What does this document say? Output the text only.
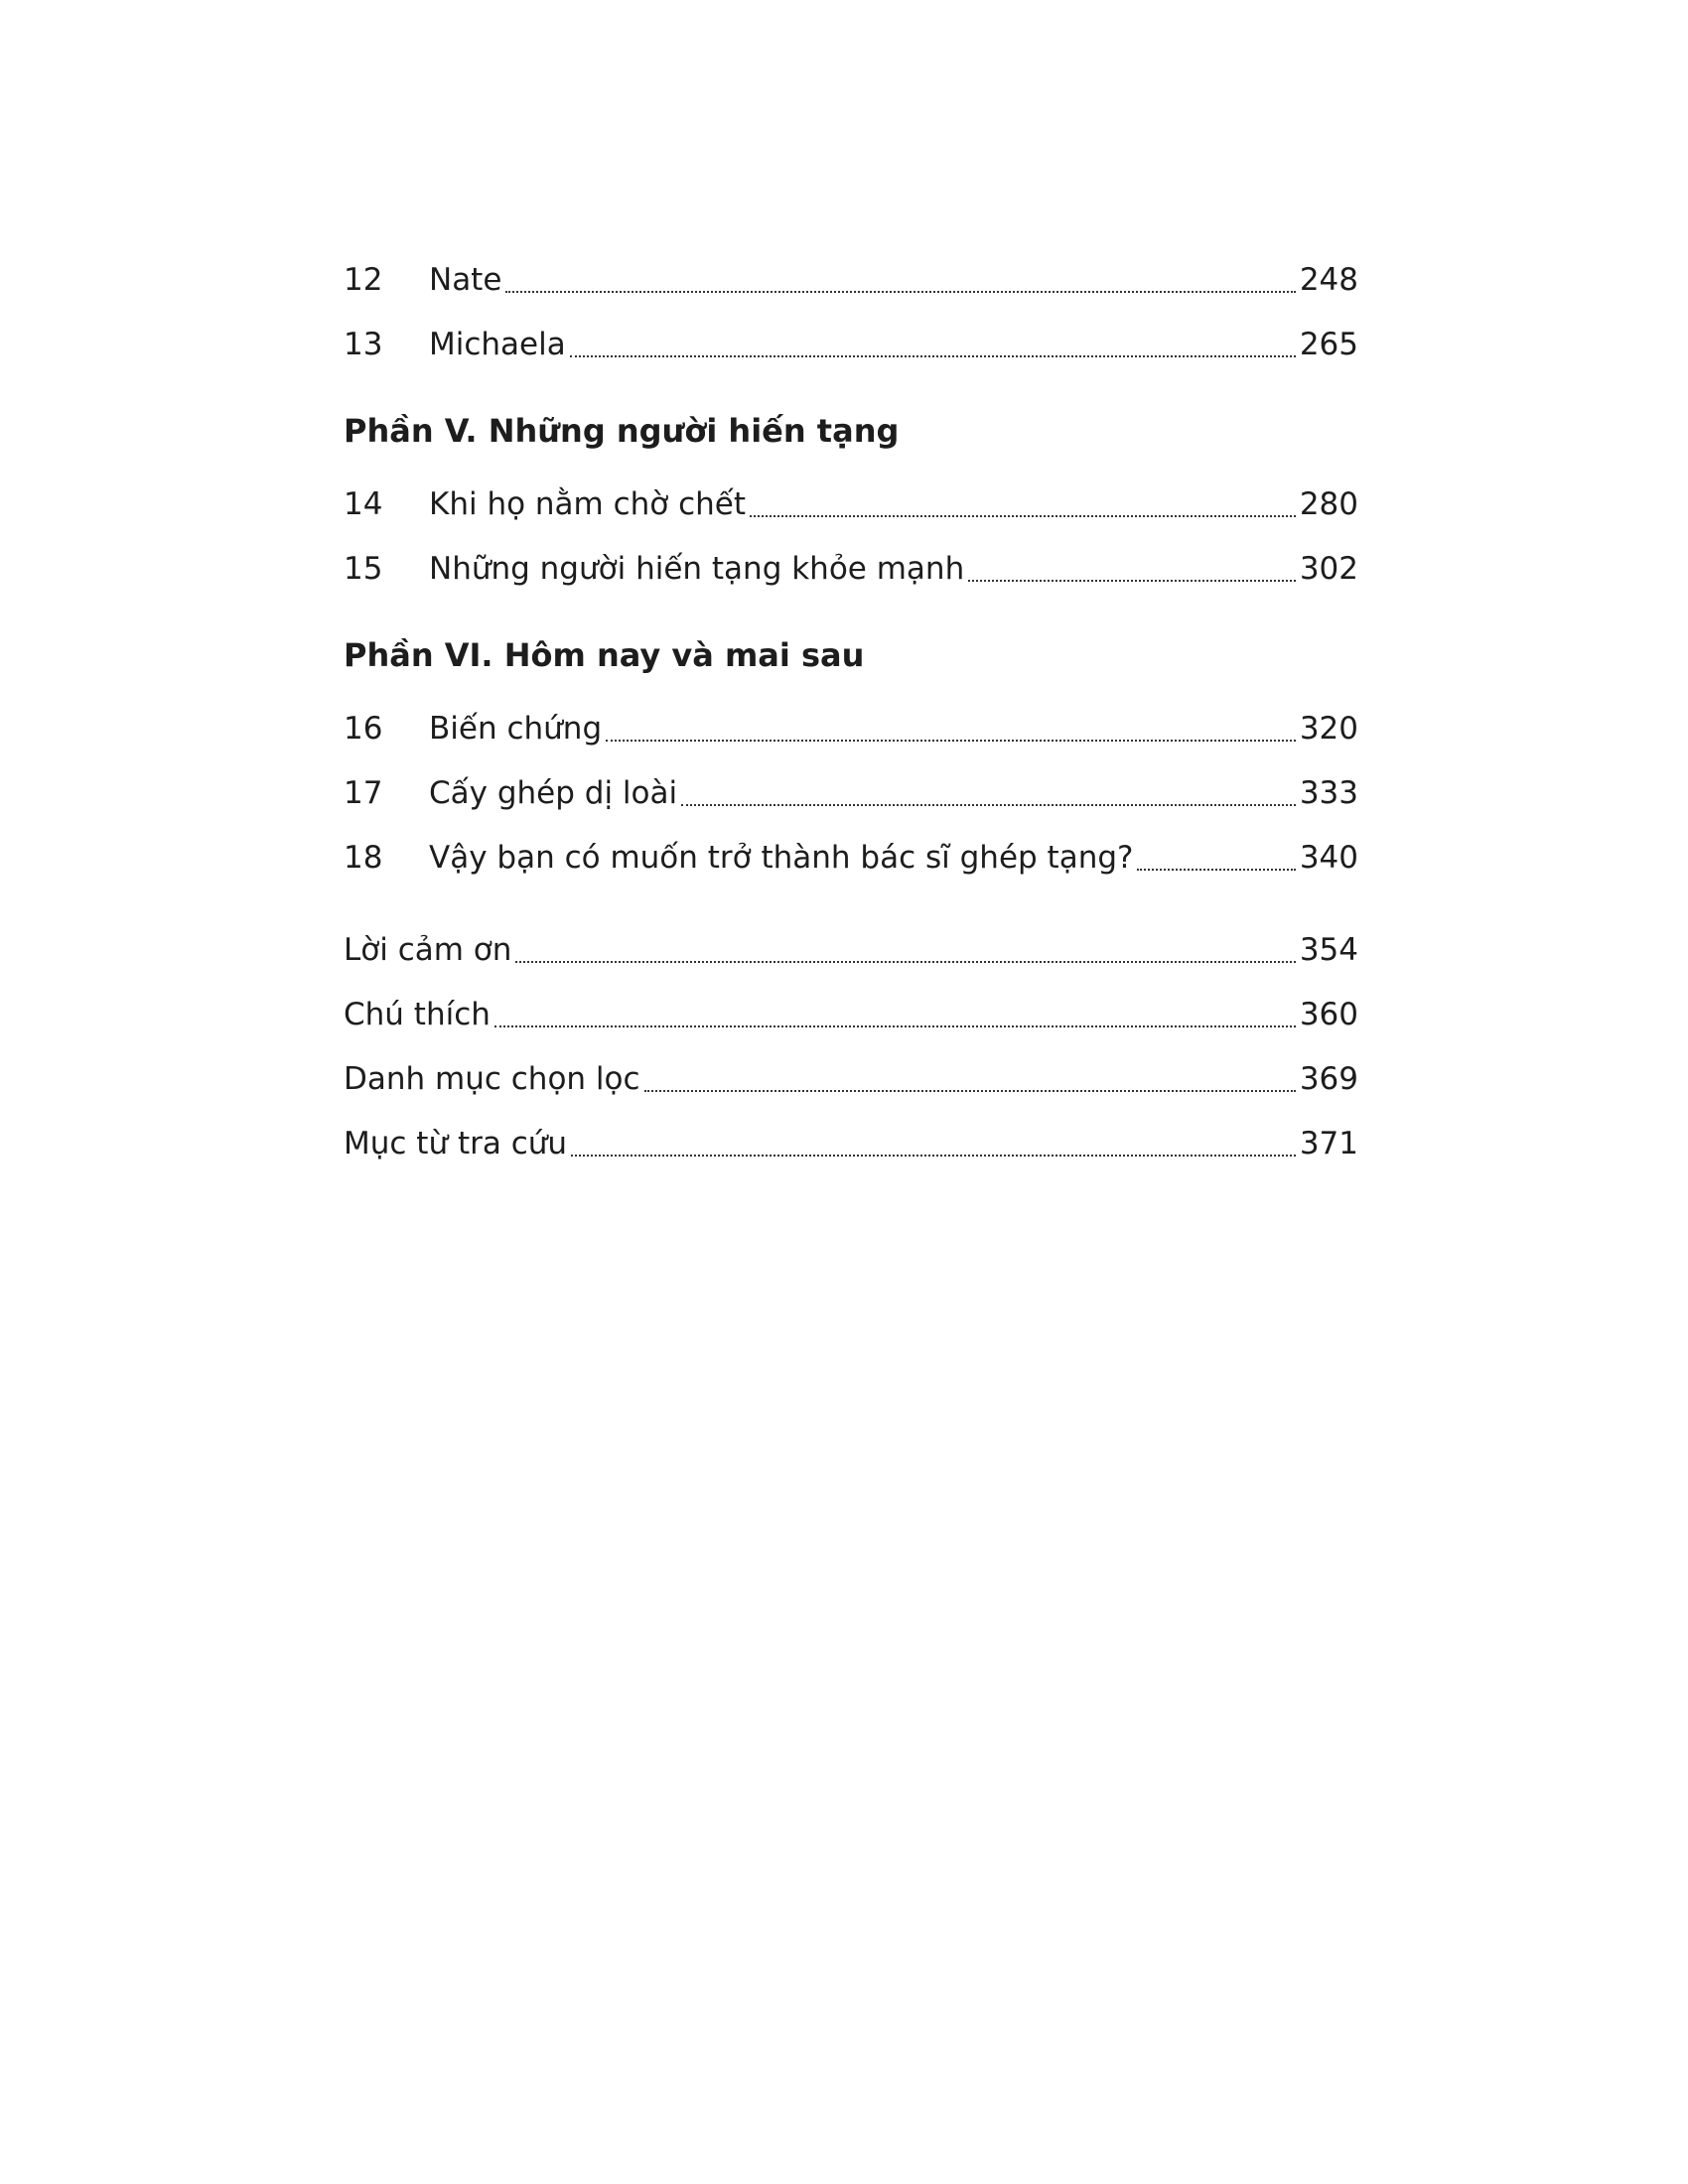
12	Nate	248
13	Michaela	265
Phần V. Những người hiến tạng
14	Khi họ nằm chờ chết	280
15	Những người hiến tạng khỏe mạnh	302
Phần VI. Hôm nay và mai sau
16	Biến chứng	320
17	Cấy ghép dị loài	333
18	Vậy bạn có muốn trở thành bác sĩ ghép tạng?	340
Lời cảm ơn	354
Chú thích	360
Danh mục chọn lọc	369
Mục từ tra cứu	371
